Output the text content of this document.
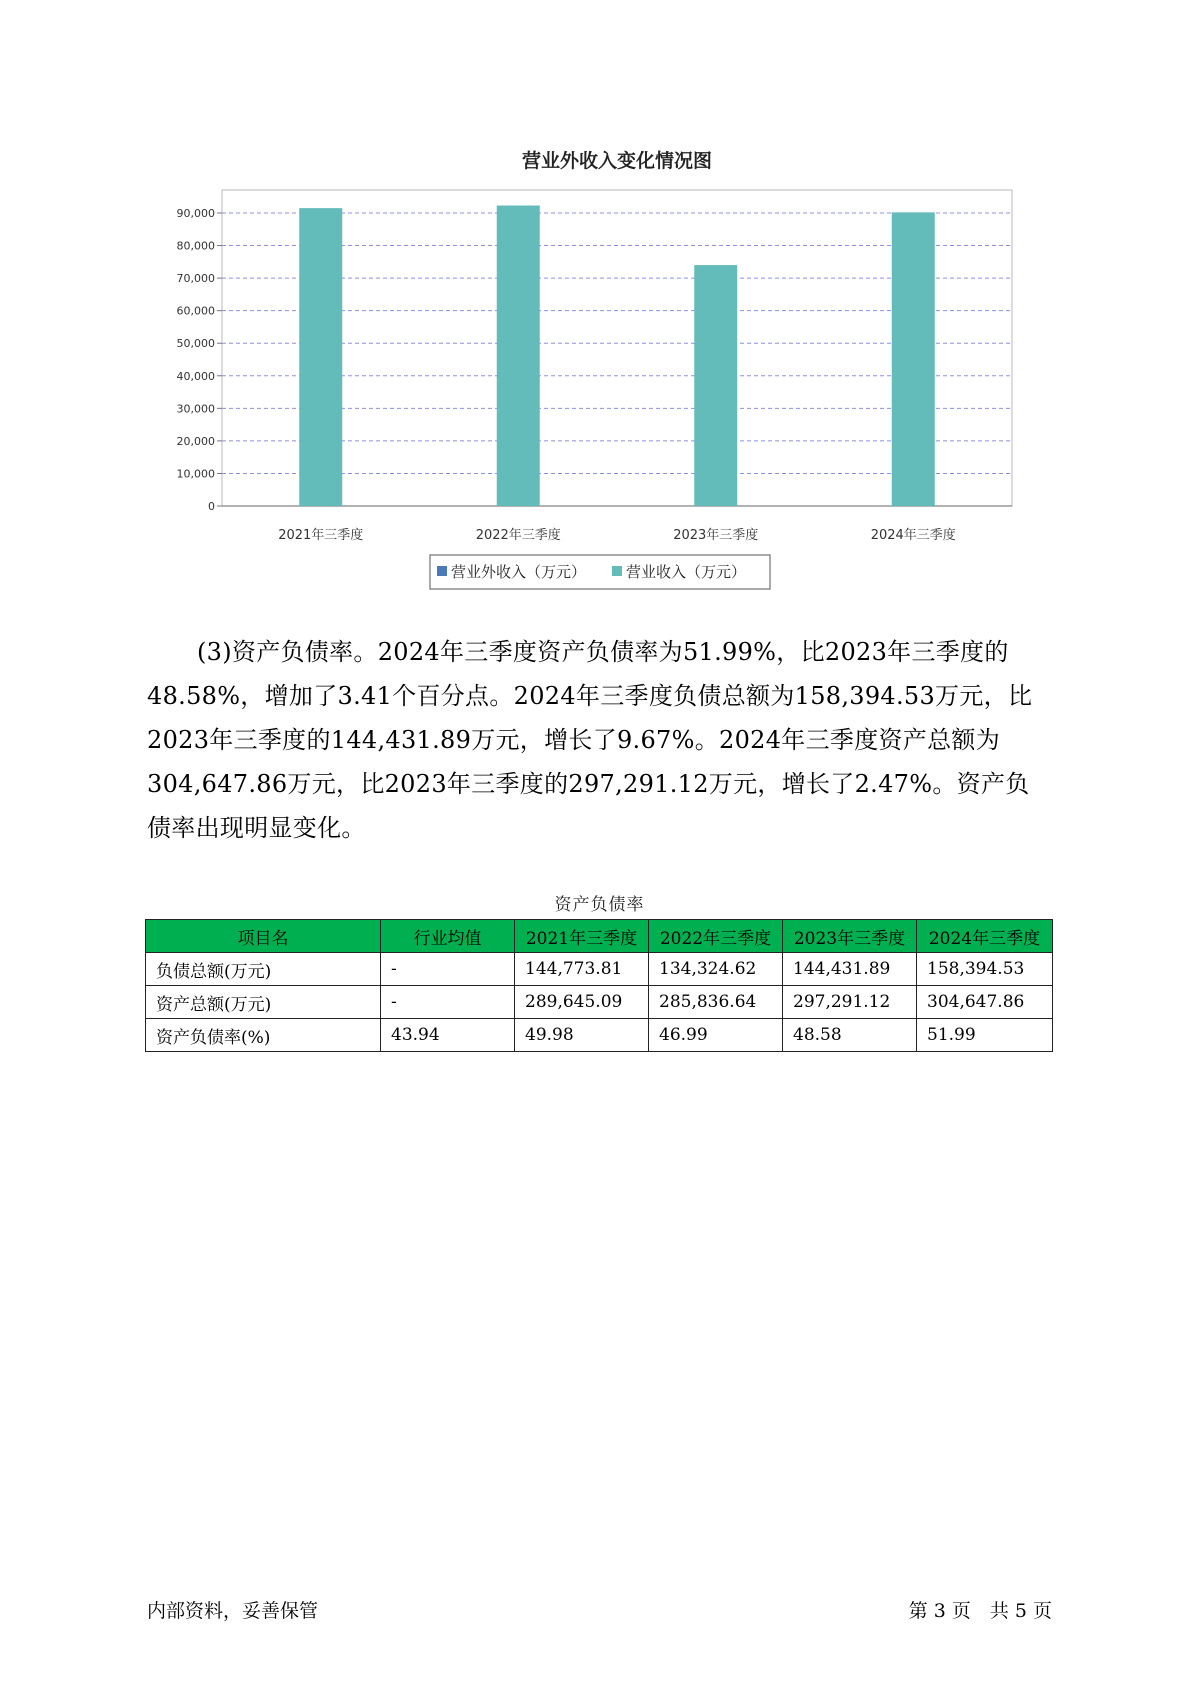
营业外收入变化情况图
0
10,000
20,000
30,000
40,000
50,000
60,000
70,000
80,000
90,000
2021年三季度	2022年三季度	2023年三季度	2024年三季度
营业外收入（万元）	营业收入（万元）

(3)资产负债率。2024年三季度资产负债率为51.99%，比2023年三季度的48.58%，增加了3.41个百分点。2024年三季度负债总额为158,394.53万元，比2023年三季度的144,431.89万元，增长了9.67%。2024年三季度资产总额为304,647.86万元，比2023年三季度的297,291.12万元，增长了2.47%。资产负债率出现明显变化。

资产负债率
项目名	行业均值	2021年三季度	2022年三季度	2023年三季度	2024年三季度
负债总额(万元)	-	144,773.81	134,324.62	144,431.89	158,394.53
资产总额(万元)	-	289,645.09	285,836.64	297,291.12	304,647.86
资产负债率(%)	43.94	49.98	46.99	48.58	51.99
内部资料，妥善保管	第 3 页　共 5 页
